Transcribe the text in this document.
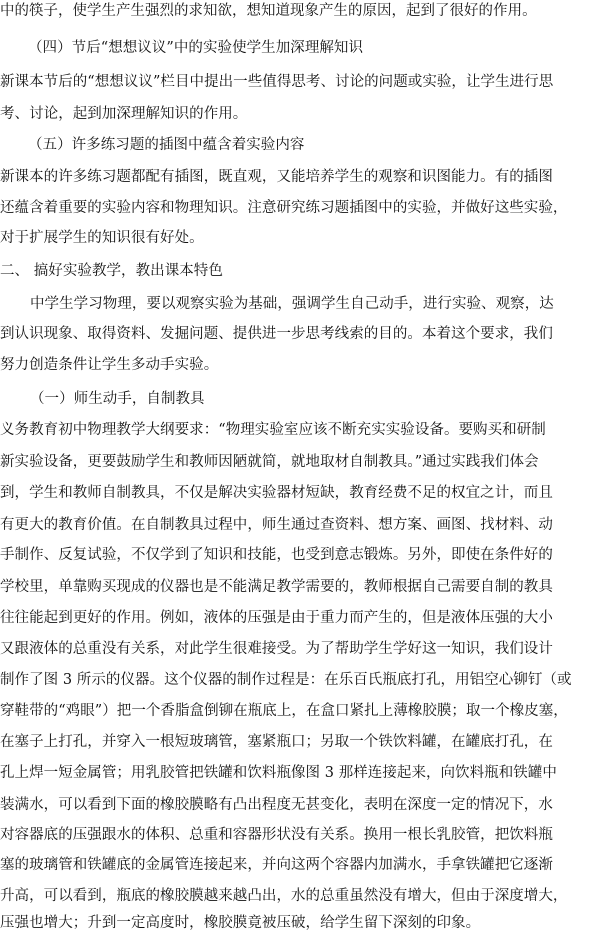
中的筷子，使学生产生强烈的求知欲，想知道现象产生的原因，起到了很好的作用。
（四）节后“想想议议”中的实验使学生加深理解知识
新课本节后的“想想议议”栏目中提出一些值得思考、讨论的问题或实验，让学生进行思
考、讨论，起到加深理解知识的作用。
（五）许多练习题的插图中蕴含着实验内容
新课本的许多练习题都配有插图，既直观，又能培养学生的观察和识图能力。有的插图
还蕴含着重要的实验内容和物理知识。注意研究练习题插图中的实验，并做好这些实验，
对于扩展学生的知识很有好处。
二、 搞好实验教学，教出课本特色
中学生学习物理，要以观察实验为基础，强调学生自己动手，进行实验、观察，达
到认识现象、取得资料、发掘问题、提供进一步思考线索的目的。本着这个要求，我们
努力创造条件让学生多动手实验。
（一）师生动手，自制教具
义务教育初中物理教学大纲要求：“物理实验室应该不断充实实验设备。要购买和研制
新实验设备，更要鼓励学生和教师因陋就简，就地取材自制教具。”通过实践我们体会
到，学生和教师自制教具，不仅是解决实验器材短缺，教育经费不足的权宜之计，而且
有更大的教育价值。在自制教具过程中，师生通过查资料、想方案、画图、找材料、动
手制作、反复试验，不仅学到了知识和技能，也受到意志锻炼。另外，即使在条件好的
学校里，单靠购买现成的仪器也是不能满足教学需要的，教师根据自己需要自制的教具
往往能起到更好的作用。例如，液体的压强是由于重力而产生的，但是液体压强的大小
又跟液体的总重没有关系，对此学生很难接受。为了帮助学生学好这一知识，我们设计
制作了图 3 所示的仪器。这个仪器的制作过程是：在乐百氏瓶底打孔，用铝空心铆钉（或
穿鞋带的“鸡眼”）把一个香脂盒倒铆在瓶底上，在盒口紧扎上薄橡胶膜；取一个橡皮塞，
在塞子上打孔，并穿入一根短玻璃管，塞紧瓶口；另取一个铁饮料罐，在罐底打孔，在
孔上焊一短金属管；用乳胶管把铁罐和饮料瓶像图 3 那样连接起来，向饮料瓶和铁罐中
装满水，可以看到下面的橡胶膜略有凸出程度无甚变化，表明在深度一定的情况下，水
对容器底的压强跟水的体积、总重和容器形状没有关系。换用一根长乳胶管，把饮料瓶
塞的玻璃管和铁罐底的金属管连接起来，并向这两个容器内加满水，手拿铁罐把它逐渐
升高，可以看到，瓶底的橡胶膜越来越凸出，水的总重虽然没有增大，但由于深度增大，
压强也增大；升到一定高度时，橡胶膜竟被压破，给学生留下深刻的印象。
